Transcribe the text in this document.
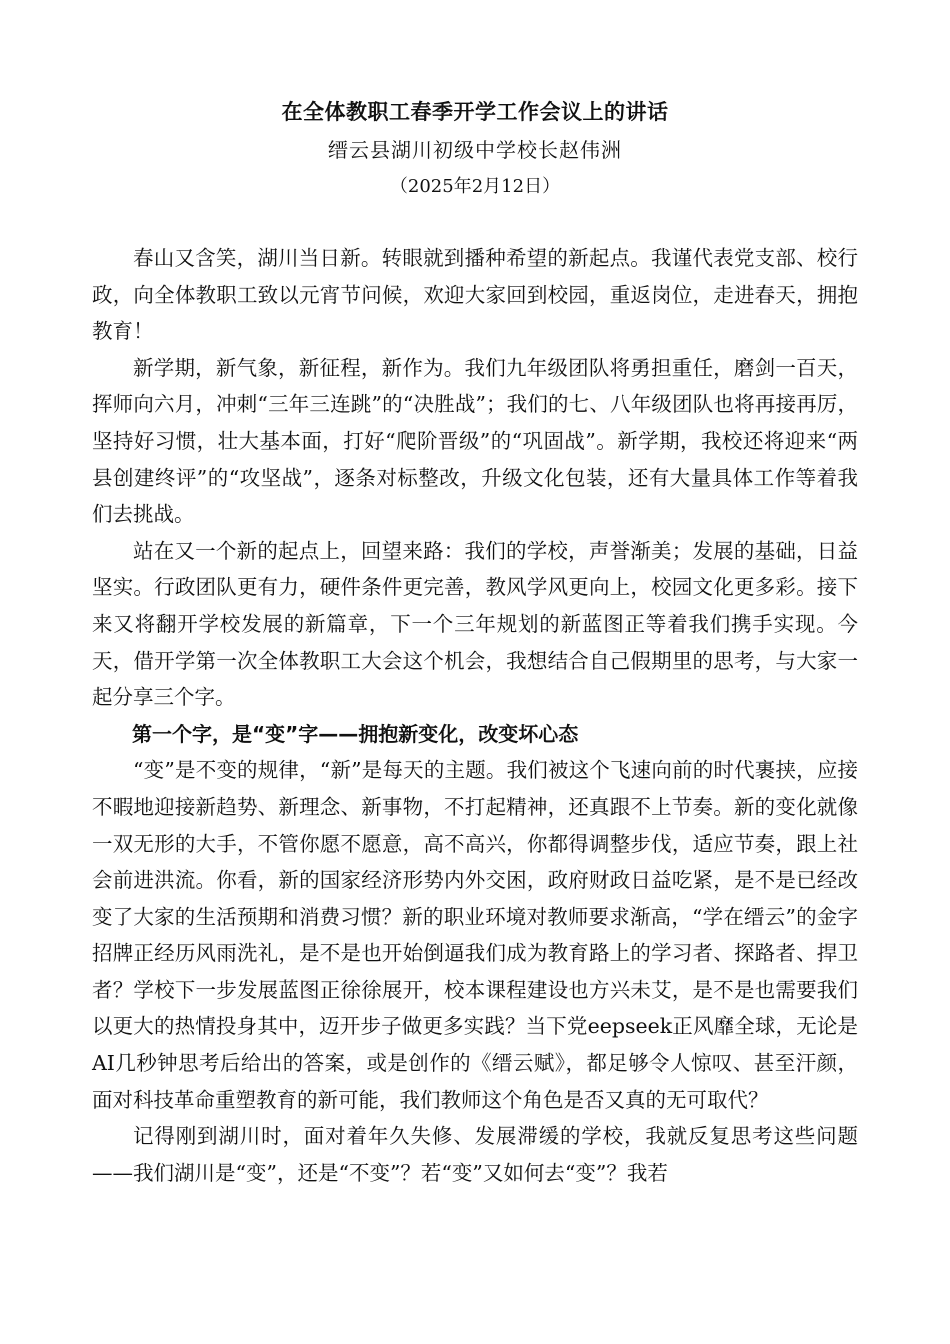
在全体教职工春季开学工作会议上的讲话
缙云县湖川初级中学校长赵伟洲
（2025年2月12日）

春山又含笑，湖川当日新。转眼就到播种希望的新起点。我谨代表党支部、校行政，向全体教职工致以元宵节问候，欢迎大家回到校园，重返岗位，走进春天，拥抱教育！

新学期，新气象，新征程，新作为。我们九年级团队将勇担重任，磨剑一百天，挥师向六月，冲刺“三年三连跳”的“决胜战”；我们的七、八年级团队也将再接再厉，坚持好习惯，壮大基本面，打好“爬阶晋级”的“巩固战”。新学期，我校还将迎来“两县创建终评”的“攻坚战”，逐条对标整改，升级文化包装，还有大量具体工作等着我们去挑战。

站在又一个新的起点上，回望来路：我们的学校，声誉渐美；发展的基础，日益坚实。行政团队更有力，硬件条件更完善，教风学风更向上，校园文化更多彩。接下来又将翻开学校发展的新篇章，下一个三年规划的新蓝图正等着我们携手实现。今天，借开学第一次全体教职工大会这个机会，我想结合自己假期里的思考，与大家一起分享三个字。

第一个字，是“变”字——拥抱新变化，改变坏心态

“变”是不变的规律，“新”是每天的主题。我们被这个飞速向前的时代裹挟，应接不暇地迎接新趋势、新理念、新事物，不打起精神，还真跟不上节奏。新的变化就像一双无形的大手，不管你愿不愿意，高不高兴，你都得调整步伐，适应节奏，跟上社会前进洪流。你看，新的国家经济形势内外交困，政府财政日益吃紧，是不是已经改变了大家的生活预期和消费习惯？新的职业环境对教师要求渐高，“学在缙云”的金字招牌正经历风雨洗礼，是不是也开始倒逼我们成为教育路上的学习者、探路者、捍卫者？学校下一步发展蓝图正徐徐展开，校本课程建设也方兴未艾，是不是也需要我们以更大的热情投身其中，迈开步子做更多实践？当下党eepseek正风靡全球，无论是AI几秒钟思考后给出的答案，或是创作的《缙云赋》，都足够令人惊叹、甚至汗颜，面对科技革命重塑教育的新可能，我们教师这个角色是否又真的无可取代？

记得刚到湖川时，面对着年久失修、发展滞缓的学校，我就反复思考这些问题——我们湖川是“变”，还是“不变”？若“变”又如何去“变”？我若
